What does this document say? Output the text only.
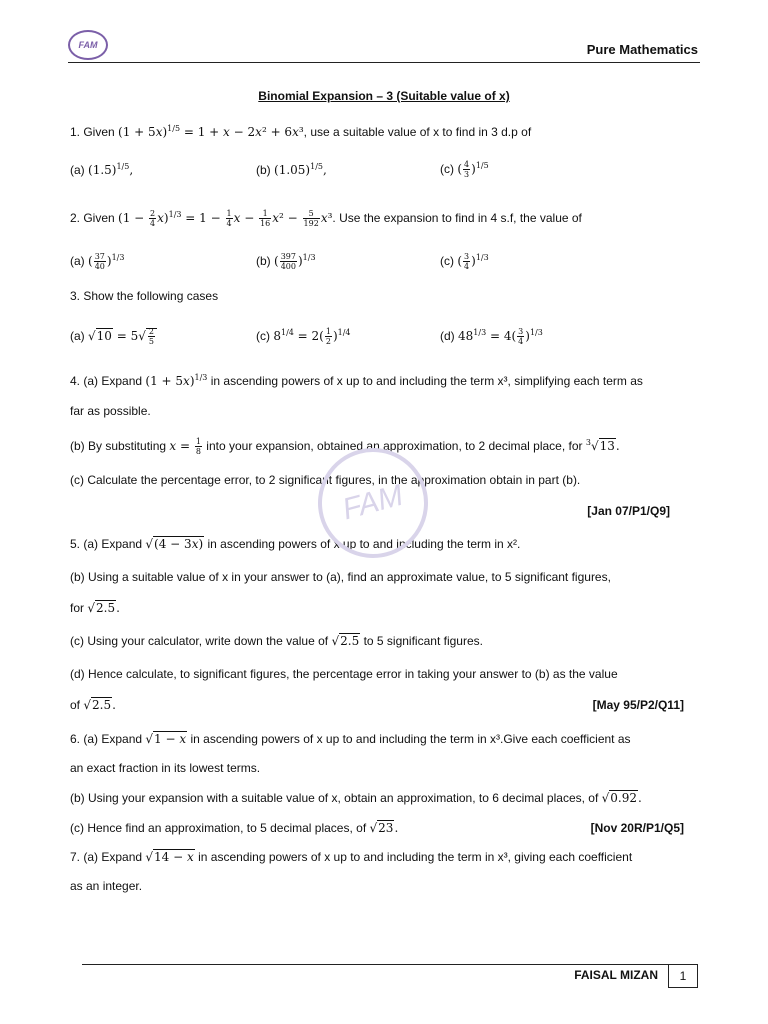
FAM	Pure Mathematics
Binomial Expansion – 3 (Suitable value of x)
1. Given $(1 + 5x)^{1/5} = 1 + x - 2x^2 + 6x^3$, use a suitable value of x to find in 3 d.p of
(a) $(1.5)^{1/5}$,	(b) $(1.05)^{1/5}$,	(c) ( $\frac{4}{3} )^{1/5}$
2. Given $(1 - \frac{2}{4} x)^{1/3} = 1 - \frac{1}{4}$ $x - \frac{1}{16} x^2 - \frac{5}{192} x^3$. Use the expansion to find in 4 s.f, the value of
(a) ( $\frac{37}{40} )^{1/3}$	(b) ( $\frac{397}{400} )^{1/3}$	(c) ( $\frac{3}{4} )^{1/3}$
3. Show the following cases
(a) $√10 = 5√ \frac{2}{5}$	(c) $8^{1/4} = 2( \frac{1}{2} )^{1/4}$	(d) $48^{1/3} = 4( \frac{3}{4} )^{1/3}$
4. (a) Expand $(1 + 5x)^{1/3}$ in ascending powers of x up to and including the term x³, simplifying each term as
far as possible.
(b) By substituting $x = \frac{1}{8}$ into your expansion, obtained an approximation, to 2 decimal place, for $^3$√13.
(c) Calculate the percentage error, to 2 significant figures, in the approximation obtain in part (b).
[Jan 07/P1/Q9]
5. (a) Expand √(4 − 3x) in ascending powers of x up to and including the term in x².
(b) Using a suitable value of x in your answer to (a), find an approximate value, to 5 significant figures,
for √2.5.
(c) Using your calculator, write down the value of √2.5 to 5 significant figures.
(d) Hence calculate, to significant figures, the percentage error in taking your answer to (b) as the value
of √2.5.	[May 95/P2/Q11]
6. (a) Expand √1 − x in ascending powers of x up to and including the term in x³.Give each coefficient as
an exact fraction in its lowest terms.
(b) Using your expansion with a suitable value of x, obtain an approximation, to 6 decimal places, of √0.92.
(c) Hence find an approximation, to 5 decimal places, of √23.	[Nov 20R/P1/Q5]
7. (a) Expand √14 − x in ascending powers of x up to and including the term in x³, giving each coefficient
as an integer.
FAM
FAISAL MIZAN 1
